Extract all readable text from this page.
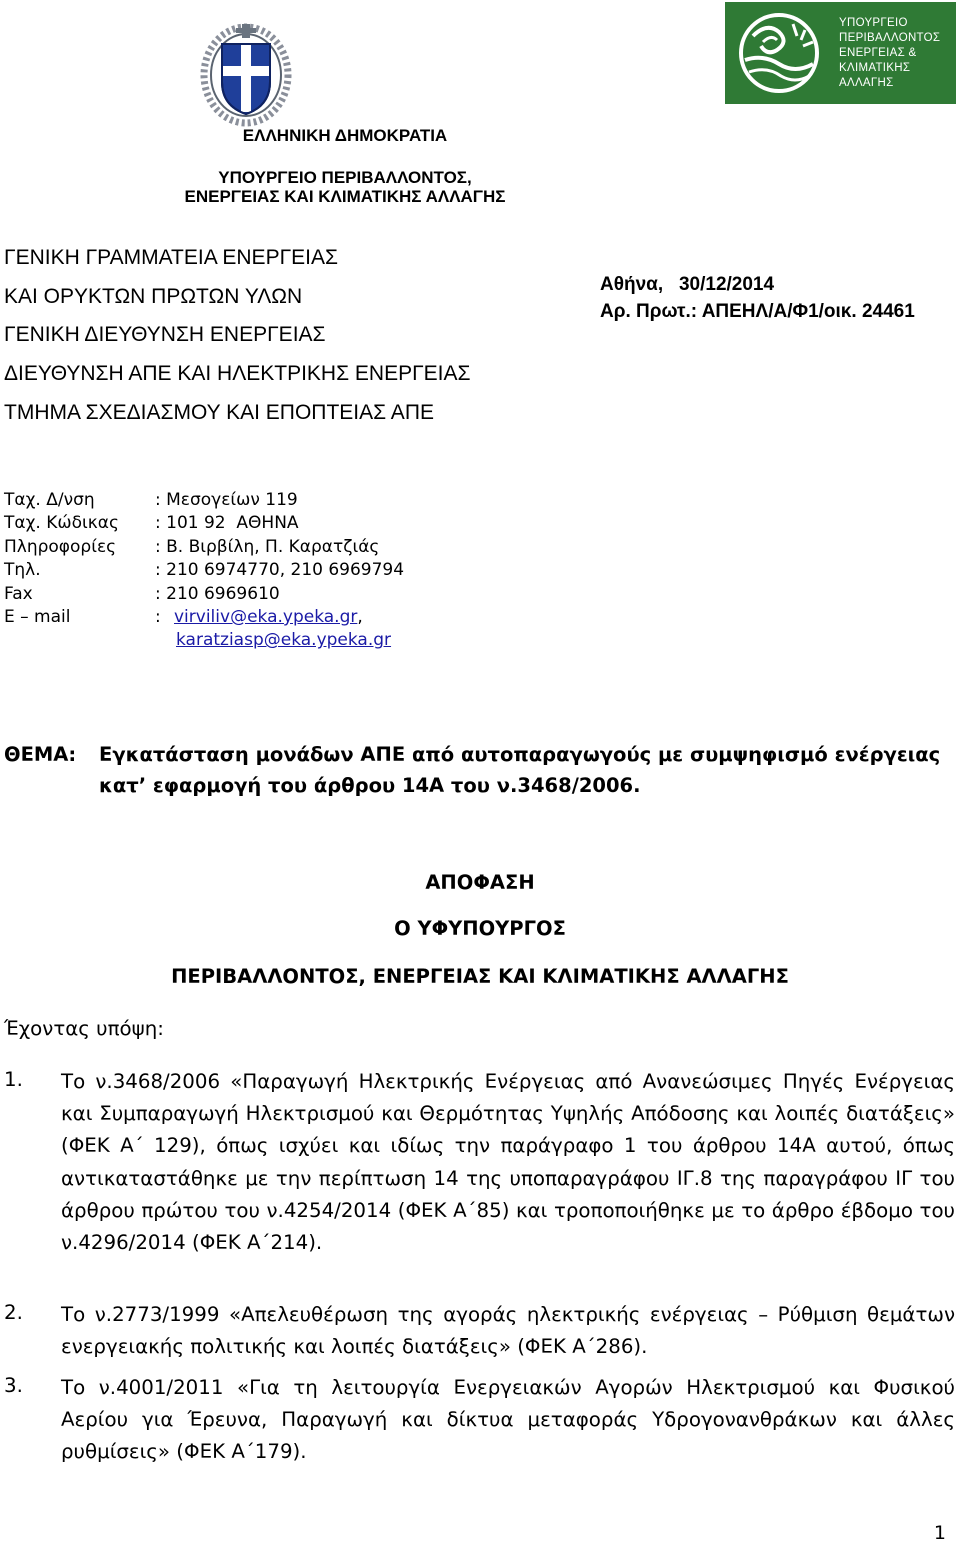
ΥΠΟΥΡΓΕΙΟ
ΠΕΡΙΒΑΛΛΟΝΤΟΣ
ΕΝΕΡΓΕΙΑΣ &
ΚΛΙΜΑΤΙΚΗΣ
ΑΛΛΑΓΗΣ
ΕΛΛΗΝΙΚΗ ΔΗΜΟΚΡΑΤΙΑ
ΥΠΟΥΡΓΕΙΟ ΠΕΡΙΒΑΛΛΟΝΤΟΣ,
ΕΝΕΡΓΕΙΑΣ ΚΑΙ ΚΛΙΜΑΤΙΚΗΣ ΑΛΛΑΓΗΣ
ΓΕΝΙΚΗ ΓΡΑΜΜΑΤΕΙΑ ΕΝΕΡΓΕΙΑΣ
ΚΑΙ ΟΡΥΚΤΩΝ ΠΡΩΤΩΝ ΥΛΩΝ
ΓΕΝΙΚΗ ΔΙΕΥΘΥΝΣΗ ΕΝΕΡΓΕΙΑΣ
ΔΙΕΥΘΥΝΣΗ ΑΠΕ ΚΑΙ ΗΛΕΚΤΡΙΚΗΣ ΕΝΕΡΓΕΙΑΣ
ΤΜΗΜΑ ΣΧΕΔΙΑΣΜΟΥ ΚΑΙ ΕΠΟΠΤΕΙΑΣ ΑΠΕ
Αθήνα,   30/12/2014
Αρ. Πρωτ.: ΑΠΕΗΛ/Α/Φ1/οικ. 24461
Ταχ. Δ/νση	: Μεσογείων 119
Ταχ. Κώδικας : 101 92  ΑΘΗΝΑ
Πληροφορίες : Β. Βιρβίλη, Π. Καρατζιάς
Τηλ.	: 210 6974770, 210 6969794
Fax	: 210 6969610
E – mail	: virviliv@eka.ypeka.gr,
karatziasp@eka.ypeka.gr
ΘΕΜΑ: Εγκατάσταση μονάδων ΑΠΕ από αυτοπαραγωγούς με συμψηφισμό ενέργειας
κατ’ εφαρμογή του άρθρου 14Α του ν.3468/2006.
ΑΠΟΦΑΣΗ
Ο ΥΦΥΠΟΥΡΓΟΣ
ΠΕΡΙΒΑΛΛΟΝΤΟΣ, ΕΝΕΡΓΕΙΑΣ ΚΑΙ ΚΛΙΜΑΤΙΚΗΣ ΑΛΛΑΓΗΣ
Έχοντας υπόψη:
1. Το ν.3468/2006 «Παραγωγή Ηλεκτρικής Ενέργειας από Ανανεώσιμες Πηγές Ενέργειας και Συμπαραγωγή Ηλεκτρισμού και Θερμότητας Υψηλής Απόδοσης και λοιπές διατάξεις» (ΦΕΚ Α΄ 129), όπως ισχύει και ιδίως την παράγραφο 1 του άρθρου 14Α αυτού, όπως αντικαταστάθηκε με την περίπτωση 14 της υποπαραγράφου ΙΓ.8 της παραγράφου ΙΓ του άρθρου πρώτου του ν.4254/2014 (ΦΕΚ Α΄85) και τροποποιήθηκε με το άρθρο έβδομο του ν.4296/2014 (ΦΕΚ Α΄214).
2. Το ν.2773/1999 «Απελευθέρωση της αγοράς ηλεκτρικής ενέργειας – Ρύθμιση θεμάτων ενεργειακής πολιτικής και λοιπές διατάξεις» (ΦΕΚ Α΄286).
3. Το ν.4001/2011 «Για τη λειτουργία Ενεργειακών Αγορών Ηλεκτρισμού και Φυσικού Αερίου για Έρευνα, Παραγωγή και δίκτυα μεταφοράς Υδρογονανθράκων και άλλες ρυθμίσεις» (ΦΕΚ Α΄179).
1
